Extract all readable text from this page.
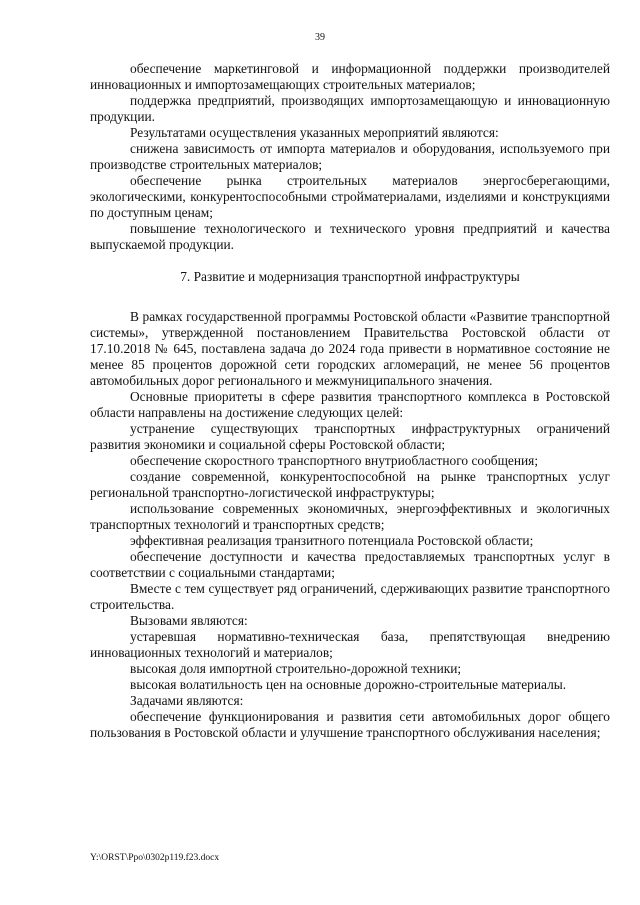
39

обеспечение маркетинговой и информационной поддержки производителей инновационных и импортозамещающих строительных материалов;

поддержка предприятий, производящих импортозамещающую и инновационную продукции.

Результатами осуществления указанных мероприятий являются:

снижена зависимость от импорта материалов и оборудования, используемого при производстве строительных материалов;

обеспечение рынка строительных материалов энергосберегающими, экологическими, конкурентоспособными стройматериалами, изделиями и конструкциями по доступным ценам;

повышение технологического и технического уровня предприятий и качества выпускаемой продукции.

7. Развитие и модернизация транспортной инфраструктуры

В рамках государственной программы Ростовской области «Развитие транспортной системы», утвержденной постановлением Правительства Ростовской области от 17.10.2018 № 645, поставлена задача до 2024 года привести в нормативное состояние не менее 85 процентов дорожной сети городских агломераций, не менее 56 процентов автомобильных дорог регионального и межмуниципального значения.

Основные приоритеты в сфере развития транспортного комплекса в Ростовской области направлены на достижение следующих целей:

устранение существующих транспортных инфраструктурных ограничений развития экономики и социальной сферы Ростовской области;

обеспечение скоростного транспортного внутриобластного сообщения;

создание современной, конкурентоспособной на рынке транспортных услуг региональной транспортно-логистической инфраструктуры;

использование современных экономичных, энергоэффективных и экологичных транспортных технологий и транспортных средств;

эффективная реализация транзитного потенциала Ростовской области;

обеспечение доступности и качества предоставляемых транспортных услуг в соответствии с социальными стандартами;

Вместе с тем существует ряд ограничений, сдерживающих развитие транспортного строительства.

Вызовами являются:

устаревшая нормативно-техническая база, препятствующая внедрению инновационных технологий и материалов;

высокая доля импортной строительно-дорожной техники;

высокая волатильность цен на основные дорожно-строительные материалы.

Задачами являются:

обеспечение функционирования и развития сети автомобильных дорог общего пользования в Ростовской области и улучшение транспортного обслуживания населения;

Y:\ORST\Ppo\0302p119.f23.docx
